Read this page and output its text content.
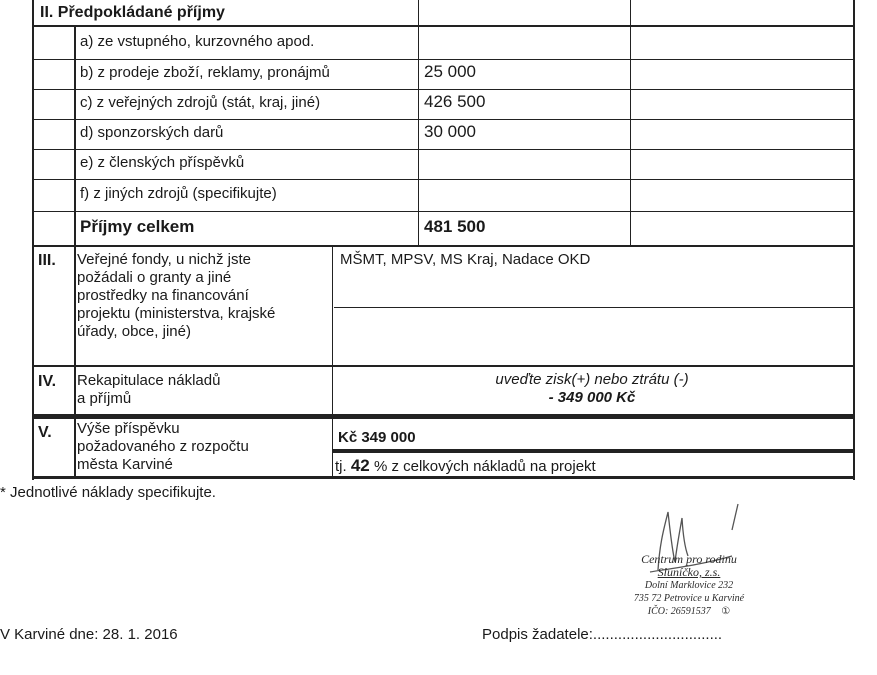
II. Předpokládané příjmy
a) ze vstupného, kurzovného apod.
b) z prodeje zboží, reklamy, pronájmů	25 000
c) z veřejných zdrojů (stát, kraj, jiné)	426 500
d) sponzorských darů	30 000
e) z členských příspěvků
f) z jiných zdrojů (specifikujte)
Příjmy celkem	481 500
III. Veřejné fondy, u nichž jste
požádali o granty a jiné
prostředky na financování
projektu (ministerstva, krajské
úřady, obce, jiné)
MŠMT, MPSV, MS Kraj, Nadace OKD
IV. Rekapitulace nákladů
a příjmů
uveďte zisk(+) nebo ztrátu (-)
- 349 000 Kč
V. Výše příspěvku
požadovaného z rozpočtu
města Karviné
Kč 349 000
tj. 42 % z celkových nákladů na projekt
* Jednotlivé náklady specifikujte.
V Karviné dne: 28. 1. 2016	Podpis žadatele:...............................
Centrum pro rodinu
Sluníčko, z.s.
Dolní Marklovice 232
735 72 Petrovice u Karviné
IČO: 26591537 ①
